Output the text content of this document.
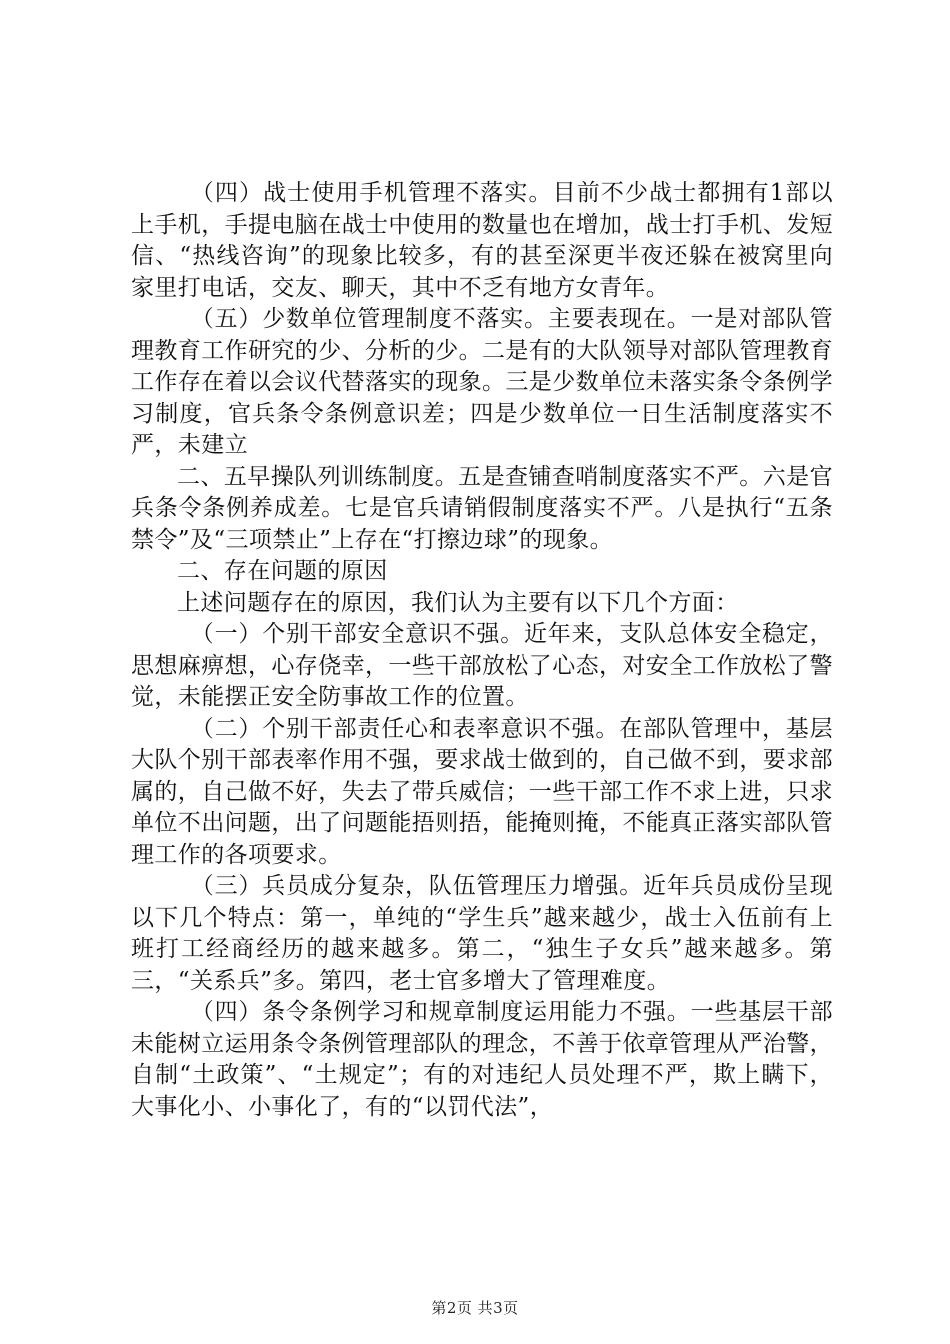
（四）战士使用手机管理不落实。目前不少战士都拥有1部以上手机，手提电脑在战士中使用的数量也在增加，战士打手机、发短信、“热线咨询”的现象比较多，有的甚至深更半夜还躲在被窝里向家里打电话，交友、聊天，其中不乏有地方女青年。

（五）少数单位管理制度不落实。主要表现在。一是对部队管理教育工作研究的少、分析的少。二是有的大队领导对部队管理教育工作存在着以会议代替落实的现象。三是少数单位未落实条令条例学习制度，官兵条令条例意识差；四是少数单位一日生活制度落实不严，未建立

二、五早操队列训练制度。五是查铺查哨制度落实不严。六是官兵条令条例养成差。七是官兵请销假制度落实不严。八是执行“五条禁令”及“三项禁止”上存在“打擦边球”的现象。

二、存在问题的原因

上述问题存在的原因，我们认为主要有以下几个方面：

（一）个别干部安全意识不强。近年来，支队总体安全稳定，思想麻痹想，心存侥幸，一些干部放松了心态，对安全工作放松了警觉，未能摆正安全防事故工作的位置。

（二）个别干部责任心和表率意识不强。在部队管理中，基层大队个别干部表率作用不强，要求战士做到的，自己做不到，要求部属的，自己做不好，失去了带兵威信；一些干部工作不求上进，只求单位不出问题，出了问题能捂则捂，能掩则掩，不能真正落实部队管理工作的各项要求。

（三）兵员成分复杂，队伍管理压力增强。近年兵员成份呈现以下几个特点：第一，单纯的“学生兵”越来越少，战士入伍前有上班打工经商经历的越来越多。第二，“独生子女兵”越来越多。第三，“关系兵”多。第四，老士官多增大了管理难度。

（四）条令条例学习和规章制度运用能力不强。一些基层干部未能树立运用条令条例管理部队的理念，不善于依章管理从严治警，自制“土政策”、“土规定”；有的对违纪人员处理不严，欺上瞒下，大事化小、小事化了，有的“以罚代法”，

第2页 共3页
